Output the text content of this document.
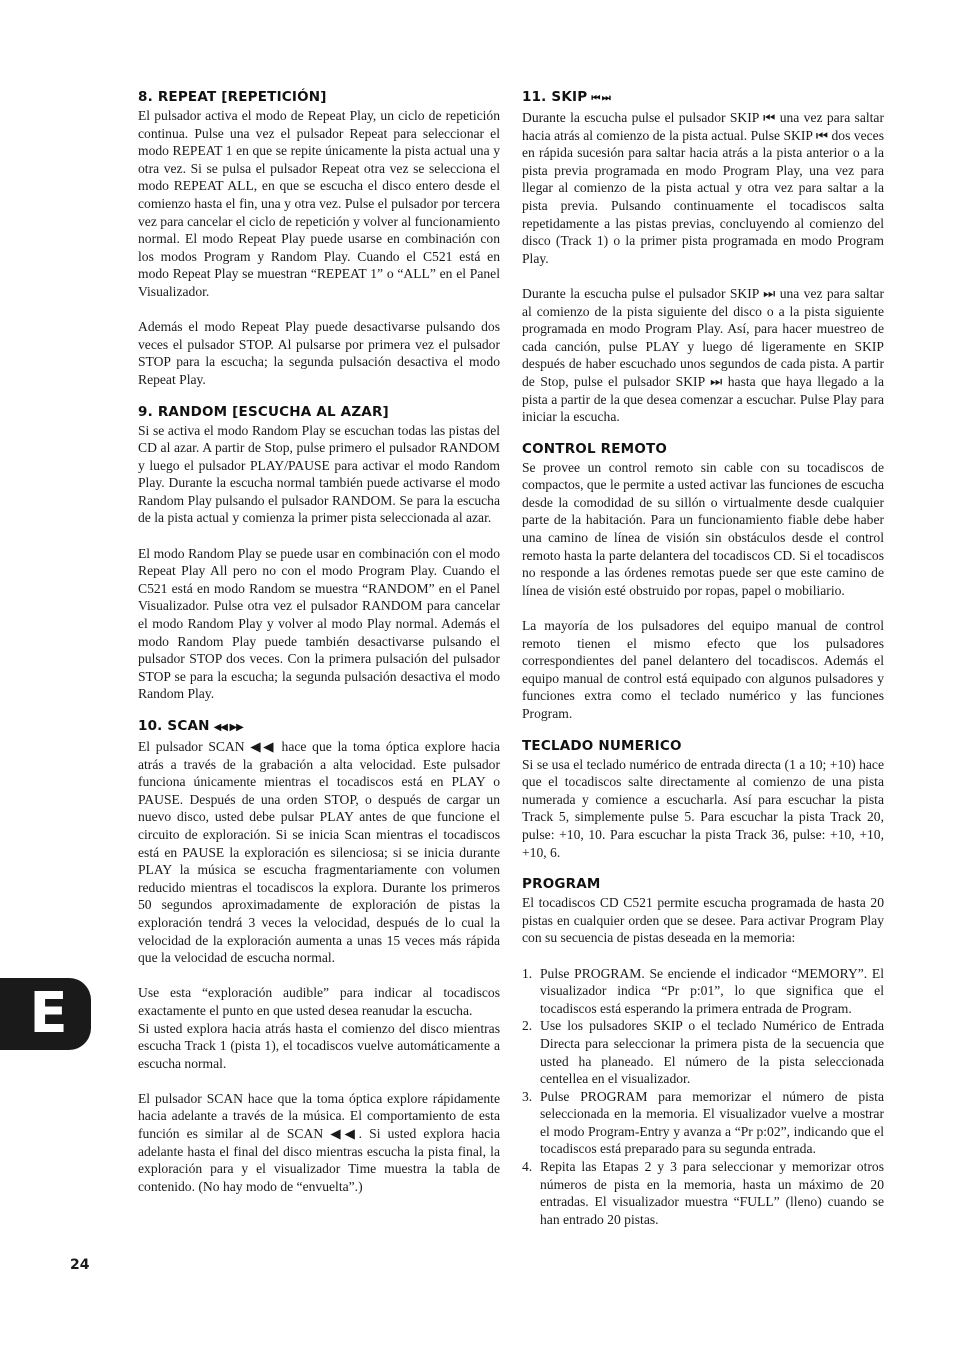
8. REPEAT [REPETICIÓN]

El pulsador activa el modo de Repeat Play, un ciclo de repetición continua. Pulse una vez el pulsador Repeat para seleccionar el modo REPEAT 1 en que se repite únicamente la pista actual una y otra vez. Si se pulsa el pulsador Repeat otra vez se selecciona el modo REPEAT ALL, en que se escucha el disco entero desde el comienzo hasta el fin, una y otra vez. Pulse el pulsador por tercera vez para cancelar el ciclo de repetición y volver al funcionamiento normal. El modo Repeat Play puede usarse en combinación con los modos Program y Random Play. Cuando el C521 está en modo Repeat Play se muestran “REPEAT 1” o “ALL” en el Panel Visualizador.

Además el modo Repeat Play puede desactivarse pulsando dos veces el pulsador STOP. Al pulsarse por primera vez el pulsador STOP para la escucha; la segunda pulsación desactiva el modo Repeat Play.

9. RANDOM [ESCUCHA AL AZAR]

Si se activa el modo Random Play se escuchan todas las pistas del CD al azar. A partir de Stop, pulse primero el pulsador RANDOM y luego el pulsador PLAY/PAUSE para activar el modo Random Play. Durante la escucha normal también puede activarse el modo Random Play pulsando el pulsador RANDOM. Se para la escucha de la pista actual y comienza la primer pista seleccionada al azar.

El modo Random Play se puede usar en combinación con el modo Repeat Play All pero no con el modo Program Play. Cuando el C521 está en modo Random se muestra “RANDOM” en el Panel Visualizador. Pulse otra vez el pulsador RANDOM para cancelar el modo Random Play y volver al modo Play normal. Además el modo Random Play puede también desactivarse pulsando el pulsador STOP dos veces. Con la primera pulsación del pulsador STOP se para la escucha; la segunda pulsación desactiva el modo Random Play.

10. SCAN ◀◀ ▶▶

El pulsador SCAN ◀◀ hace que la toma óptica explore hacia atrás a través de la grabación a alta velocidad. Este pulsador funciona únicamente mientras el tocadiscos está en PLAY o PAUSE. Después de una orden STOP, o después de cargar un nuevo disco, usted debe pulsar PLAY antes de que funcione el circuito de exploración. Si se inicia Scan mientras el tocadiscos está en PAUSE la exploración es silenciosa; si se inicia durante PLAY la música se escucha fragmentariamente con volumen reducido mientras el tocadiscos la explora. Durante los primeros 50 segundos aproximadamente de exploración de pistas la exploración tendrá 3 veces la velocidad, después de lo cual la velocidad de la exploración aumenta a unas 15 veces más rápida que la velocidad de escucha normal.

Use esta “exploración audible” para indicar al tocadiscos exactamente el punto en que usted desea reanudar la escucha.

Si usted explora hacia atrás hasta el comienzo del disco mientras escucha Track 1 (pista 1), el tocadiscos vuelve automáticamente a escucha normal.

El pulsador SCAN hace que la toma óptica explore rápidamente hacia adelante a través de la música. El comportamiento de esta función es similar al de SCAN ◀◀. Si usted explora hacia adelante hasta el final del disco mientras escucha la pista final, la exploración para y el visualizador Time muestra la tabla de contenido. (No hay modo de “envuelta”.)

11. SKIP ⏮ ⏭

Durante la escucha pulse el pulsador SKIP ⏮ una vez para saltar hacia atrás al comienzo de la pista actual. Pulse SKIP ⏮ dos veces en rápida sucesión para saltar hacia atrás a la pista anterior o a la pista previa programada en modo Program Play, una vez para llegar al comienzo de la pista actual y otra vez para saltar a la pista previa. Pulsando continuamente el tocadiscos salta repetidamente a las pistas previas, concluyendo al comienzo del disco (Track 1) o la primer pista programada en modo Program Play.

Durante la escucha pulse el pulsador SKIP ⏭ una vez para saltar al comienzo de la pista siguiente del disco o a la pista siguiente programada en modo Program Play. Así, para hacer muestreo de cada canción, pulse PLAY y luego dé ligeramente en SKIP después de haber escuchado unos segundos de cada pista. A partir de Stop, pulse el pulsador SKIP ⏭ hasta que haya llegado a la pista a partir de la que desea comenzar a escuchar. Pulse Play para iniciar la escucha.

CONTROL REMOTO

Se provee un control remoto sin cable con su tocadiscos de compactos, que le permite a usted activar las funciones de escucha desde la comodidad de su sillón o virtualmente desde cualquier parte de la habitación. Para un funcionamiento fiable debe haber una camino de línea de visión sin obstáculos desde el control remoto hasta la parte delantera del tocadiscos CD. Si el tocadiscos no responde a las órdenes remotas puede ser que este camino de línea de visión esté obstruido por ropas, papel o mobiliario.

La mayoría de los pulsadores del equipo manual de control remoto tienen el mismo efecto que los pulsadores correspondientes del panel delantero del tocadiscos. Además el equipo manual de control está equipado con algunos pulsadores y funciones extra como el teclado numérico y las funciones Program.

TECLADO NUMERICO

Si se usa el teclado numérico de entrada directa (1 a 10; +10) hace que el tocadiscos salte directamente al comienzo de una pista numerada y comience a escucharla. Así para escuchar la pista Track 5, simplemente pulse 5. Para escuchar la pista Track 20, pulse: +10, 10. Para escuchar la pista Track 36, pulse: +10, +10, +10, 6.

PROGRAM

El tocadiscos CD C521 permite escucha programada de hasta 20 pistas en cualquier orden que se desee. Para activar Program Play con su secuencia de pistas deseada en la memoria:

1. Pulse PROGRAM. Se enciende el indicador “MEMORY”. El visualizador indica “Pr p:01”, lo que significa que el tocadiscos está esperando la primera entrada de Program.
2. Use los pulsadores SKIP o el teclado Numérico de Entrada Directa para seleccionar la primera pista de la secuencia que usted ha planeado. El número de la pista seleccionada centellea en el visualizador.
3. Pulse PROGRAM para memorizar el número de pista seleccionada en la memoria. El visualizador vuelve a mostrar el modo Program-Entry y avanza a “Pr p:02”, indicando que el tocadiscos está preparado para su segunda entrada.
4. Repita las Etapas 2 y 3 para seleccionar y memorizar otros números de pista en la memoria, hasta un máximo de 20 entradas. El visualizador muestra “FULL” (lleno) cuando se han entrado 20 pistas.
E
24
